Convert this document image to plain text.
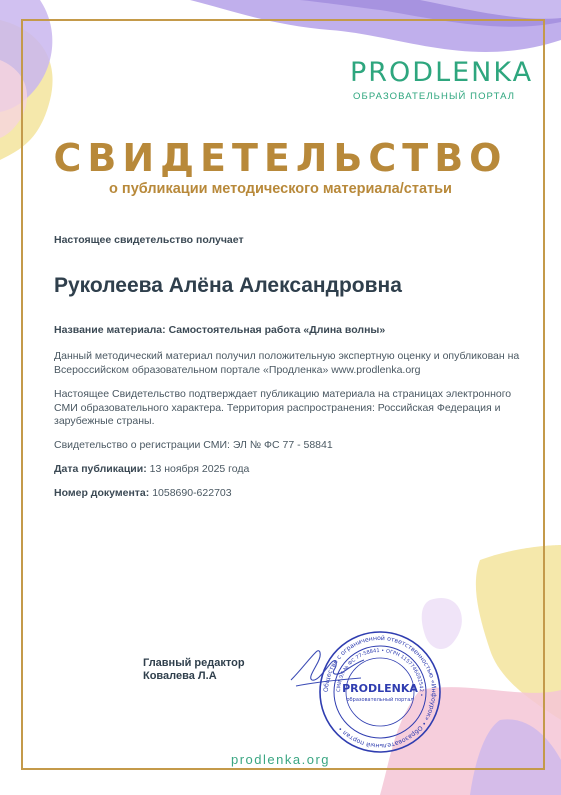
PRODLENKA
ОБРАЗОВАТЕЛЬНЫЙ ПОРТАЛ
СВИДЕТЕЛЬСТВО
о публикации методического материала/статьи

Настоящее свидетельство получает

Руколеева Алёна Александровна

Название материала: Самостоятельная работа «Длина волны»

Данный методический материал получил положительную экспертную оценку и опубликован на Всероссийском образовательном портале «Продленка» www.prodlenka.org

Настоящее Свидетельство подтверждает публикацию материала на страницах электронного СМИ образовательного характера. Территория распространения: Российская Федерация и зарубежные страны.

Свидетельство о регистрации СМИ: ЭЛ № ФС 77 - 58841

Дата публикации: 13 ноября 2025 года

Номер документа: 1058690-622703

Главный редактор
Ковалева Л.А
Общество с ограниченной ответственностью «Инфоурок» • Образовательный портал •
СМИ ЭЛ № ФС 77-58841 • ОГРН 1157746092542 •
PRODLENKA
образовательный портал
prodlenka.org
